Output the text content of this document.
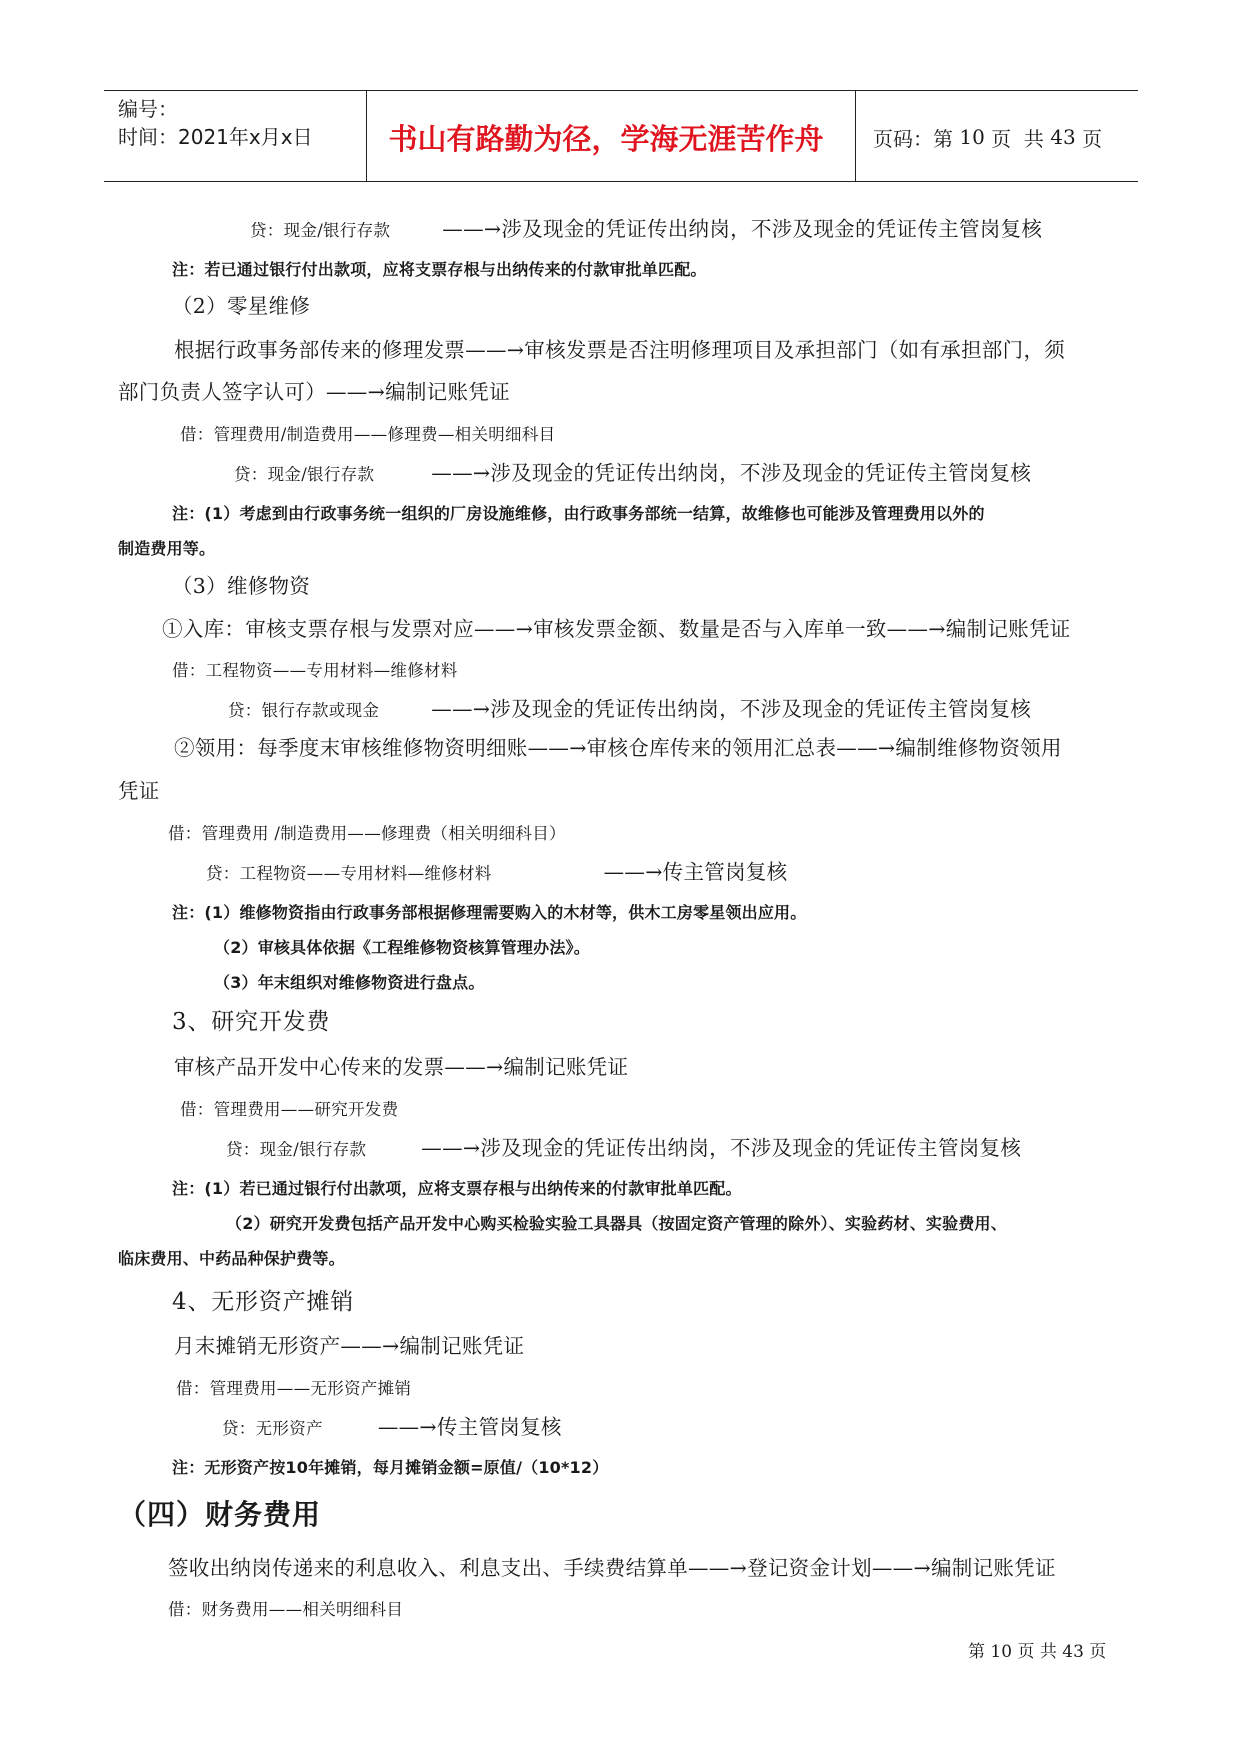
编号：
时间：2021年x月x日	书山有路勤为径，学海无涯苦作舟	页码：第
10
页  共
43
页
贷：现金/银行存款	——→涉及现金的凭证传出纳岗，不涉及现金的凭证传主管岗复核
注：若已通过银行付出款项，应将支票存根与出纳传来的付款审批单匹配。
（2）零星维修
根据行政事务部传来的修理发票——→审核发票是否注明修理项目及承担部门（如有承担部门，须
部门负责人签字认可）——→编制记账凭证
借：管理费用/制造费用——修理费—相关明细科目
贷：现金/银行存款	——→涉及现金的凭证传出纳岗，不涉及现金的凭证传主管岗复核
注：(1）考虑到由行政事务统一组织的厂房设施维修，由行政事务部统一结算，故维修也可能涉及管理费用以外的
制造费用等。
（3）维修物资
①入库：审核支票存根与发票对应——→审核发票金额、数量是否与入库单一致——→编制记账凭证
借：工程物资——专用材料—维修材料
贷：银行存款或现金	——→涉及现金的凭证传出纳岗，不涉及现金的凭证传主管岗复核
②领用：每季度末审核维修物资明细账——→审核仓库传来的领用汇总表——→编制维修物资领用
凭证
借：管理费用 /制造费用——修理费（相关明细科目）
贷：工程物资——专用材料—维修材料	——→传主管岗复核
注：(1）维修物资指由行政事务部根据修理需要购入的木材等，供木工房零星领出应用。
（2）审核具体依据《工程维修物资核算管理办法》。
（3）年末组织对维修物资进行盘点。
3、研究开发费
审核产品开发中心传来的发票——→编制记账凭证
借：管理费用——研究开发费
贷：现金/银行存款	——→涉及现金的凭证传出纳岗，不涉及现金的凭证传主管岗复核
注：(1）若已通过银行付出款项，应将支票存根与出纳传来的付款审批单匹配。
（2）研究开发费包括产品开发中心购买检验实验工具器具（按固定资产管理的除外）、实验药材、实验费用、
临床费用、中药品种保护费等。
4、无形资产摊销
月末摊销无形资产——→编制记账凭证
借：管理费用——无形资产摊销
贷：无形资产	——→传主管岗复核
注：无形资产按10年摊销，每月摊销金额=原值/（10*12）
（四）财务费用
签收出纳岗传递来的利息收入、利息支出、手续费结算单——→登记资金计划——→编制记账凭证
借：财务费用——相关明细科目
第 10 页 共 43 页
